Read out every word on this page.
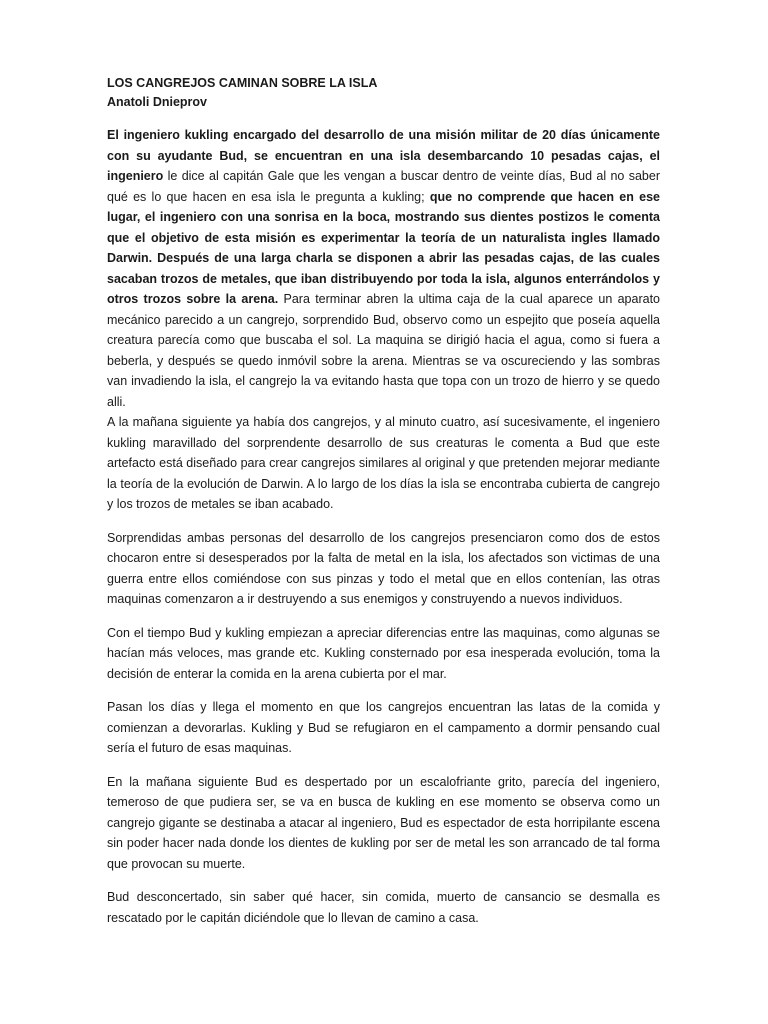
LOS CANGREJOS CAMINAN SOBRE LA ISLA
Anatoli Dnieprov

El ingeniero kukling encargado del desarrollo de una misión militar de 20 días únicamente con su ayudante Bud, se encuentran en una isla desembarcando 10 pesadas cajas, el ingeniero le dice al capitán Gale que les vengan a buscar dentro de veinte días, Bud al no saber qué es lo que hacen en esa isla le pregunta a kukling; que no comprende que hacen en ese lugar, el ingeniero con una sonrisa en la boca, mostrando sus dientes postizos le comenta que el objetivo de esta misión es experimentar la teoría de un naturalista ingles llamado Darwin. Después de una larga charla se disponen a abrir las pesadas cajas, de las cuales sacaban trozos de metales, que iban distribuyendo por toda la isla, algunos enterrándolos y otros trozos sobre la arena. Para terminar abren la ultima caja de la cual aparece un aparato mecánico parecido a un cangrejo, sorprendido Bud, observo como un espejito que poseía aquella creatura parecía como que buscaba el sol. La maquina se dirigió hacia el agua, como si fuera a beberla, y después se quedo inmóvil sobre la arena. Mientras se va oscureciendo y las sombras van invadiendo la isla, el cangrejo la va evitando hasta que topa con un trozo de hierro y se quedo alli.

A la mañana siguiente ya había dos cangrejos, y al minuto cuatro, así sucesivamente, el ingeniero kukling maravillado del sorprendente desarrollo de sus creaturas le comenta a Bud que este artefacto está diseñado para crear cangrejos similares al original y que pretenden mejorar mediante la teoría de la evolución de Darwin. A lo largo de los días la isla se encontraba cubierta de cangrejo y los trozos de metales se iban acabado.

Sorprendidas ambas personas del desarrollo de los cangrejos presenciaron como dos de estos chocaron entre si desesperados por la falta de metal en la isla, los afectados son victimas de una guerra entre ellos comiéndose con sus pinzas y todo el metal que en ellos contenían, las otras maquinas comenzaron a ir destruyendo a sus enemigos y construyendo a nuevos individuos.

Con el tiempo Bud y kukling empiezan a apreciar diferencias entre las maquinas, como algunas se hacían más veloces, mas grande etc. Kukling consternado por esa inesperada evolución, toma la decisión de enterar la comida en la arena cubierta por el mar.

Pasan los días y llega el momento en que los cangrejos encuentran las latas de la comida y comienzan a devorarlas. Kukling y Bud se refugiaron en el campamento a dormir pensando cual sería el futuro de esas maquinas.

En la mañana siguiente Bud es despertado por un escalofriante grito, parecía del ingeniero, temeroso de que pudiera ser, se va en busca de kukling en ese momento se observa como un cangrejo gigante se destinaba a atacar al ingeniero, Bud es espectador de esta horripilante escena sin poder hacer nada donde los dientes de kukling por ser de metal les son arrancado de tal forma que provocan su muerte.

Bud desconcertado, sin saber qué hacer, sin comida, muerto de cansancio se desmalla es rescatado por le capitán diciéndole que lo llevan de camino a casa.
